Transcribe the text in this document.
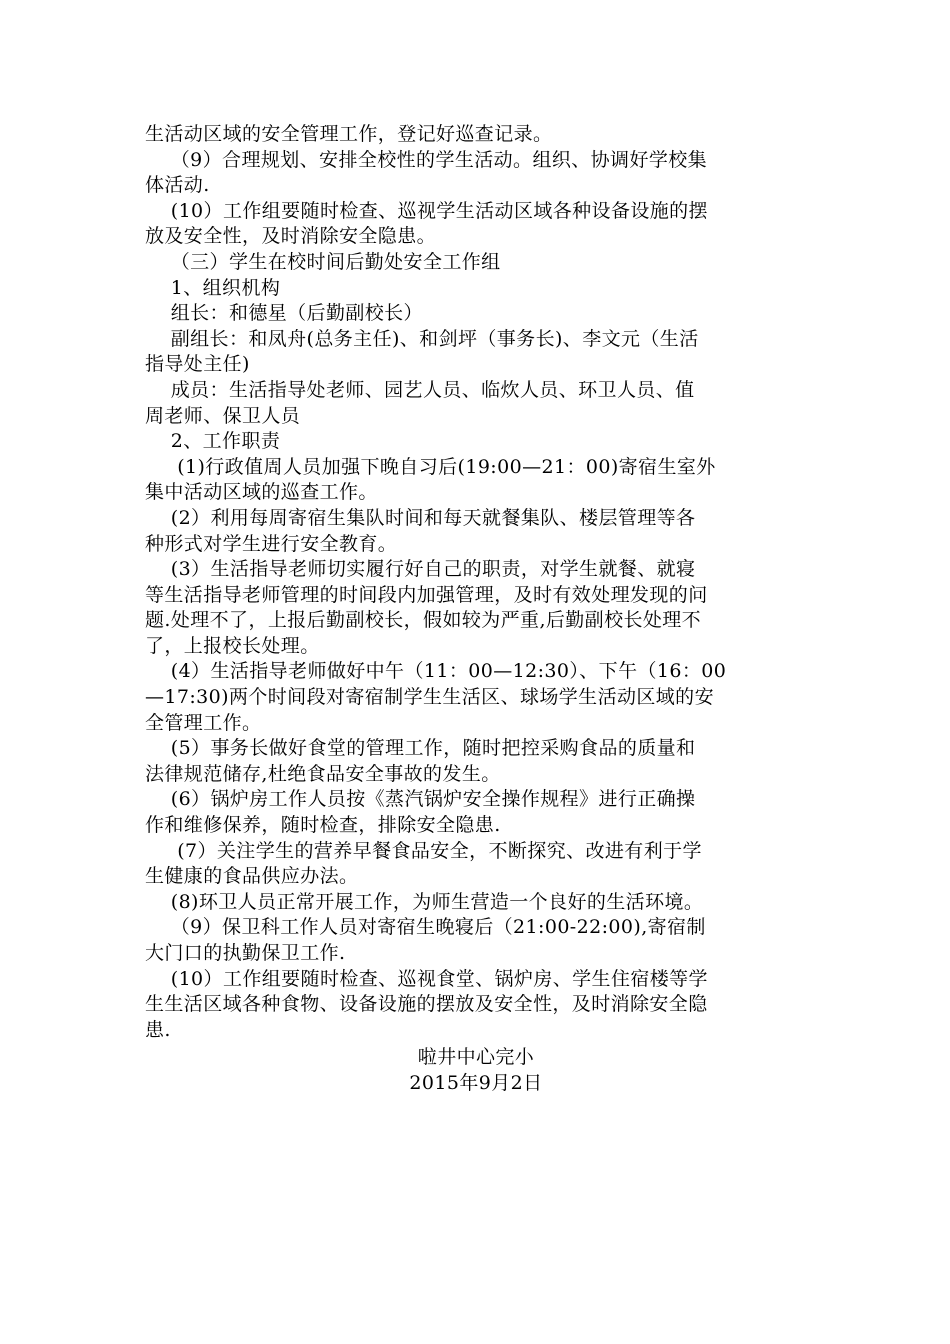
生活动区域的安全管理工作，登记好巡查记录。
（9）合理规划、安排全校性的学生活动。组织、协调好学校集
体活动.
(10）工作组要随时检查、巡视学生活动区域各种设备设施的摆
放及安全性，及时消除安全隐患。
（三）学生在校时间后勤处安全工作组
1、组织机构
组长：和德星（后勤副校长）
副组长：和凤舟(总务主任)、和剑坪（事务长)、李文元（生活
指导处主任)
成员：生活指导处老师、园艺人员、临炊人员、环卫人员、值
周老师、保卫人员
2、工作职责
(1)行政值周人员加强下晚自习后(19:00—21：00)寄宿生室外
集中活动区域的巡查工作。
(2）利用每周寄宿生集队时间和每天就餐集队、楼层管理等各
种形式对学生进行安全教育。
(3）生活指导老师切实履行好自己的职责，对学生就餐、就寝
等生活指导老师管理的时间段内加强管理，及时有效处理发现的问
题.处理不了，上报后勤副校长，假如较为严重,后勤副校长处理不
了，上报校长处理。
(4）生活指导老师做好中午（11：00—12:30）、下午（16：00
—17:30)两个时间段对寄宿制学生生活区、球场学生活动区域的安
全管理工作。
(5）事务长做好食堂的管理工作，随时把控采购食品的质量和
法律规范储存,杜绝食品安全事故的发生。
(6）锅炉房工作人员按《蒸汽锅炉安全操作规程》进行正确操
作和维修保养，随时检查，排除安全隐患.
(7）关注学生的营养早餐食品安全，不断探究、改进有利于学
生健康的食品供应办法。
(8)环卫人员正常开展工作，为师生营造一个良好的生活环境。
（9）保卫科工作人员对寄宿生晚寝后（21:00-22:00),寄宿制
大门口的执勤保卫工作.
(10）工作组要随时检查、巡视食堂、锅炉房、学生住宿楼等学
生生活区域各种食物、设备设施的摆放及安全性，及时消除安全隐
患.
啦井中心完小
2015年9月2日
